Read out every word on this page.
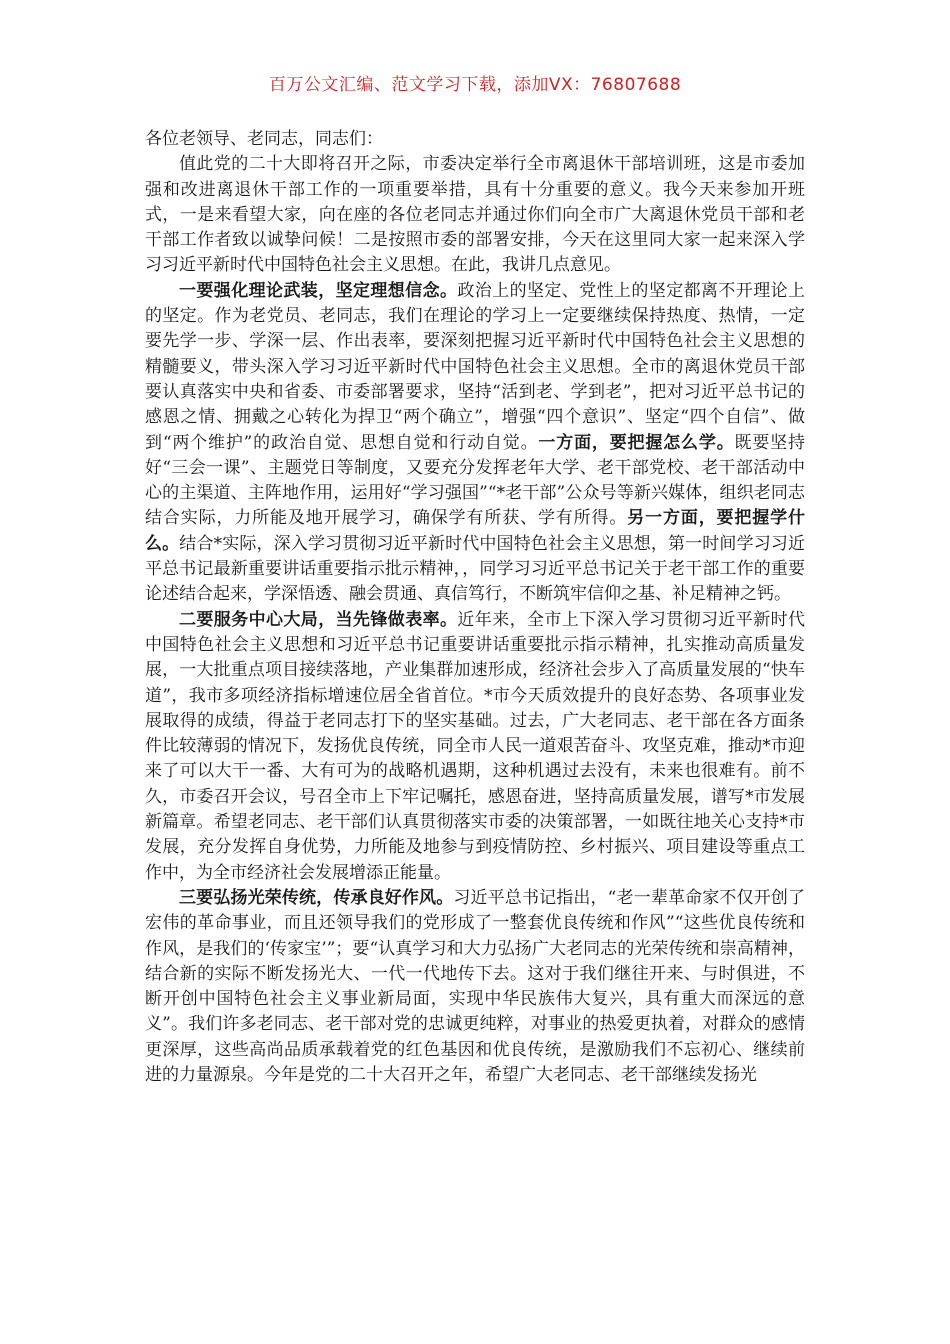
百万公文汇编、范文学习下载，添加VX：76807688

各位老领导、老同志，同志们：

值此党的二十大即将召开之际，市委决定举行全市离退休干部培训班，这是市委加强和改进离退休干部工作的一项重要举措，具有十分重要的意义。我今天来参加开班式，一是来看望大家，向在座的各位老同志并通过你们向全市广大离退休党员干部和老干部工作者致以诚挚问候！二是按照市委的部署安排，今天在这里同大家一起来深入学习习近平新时代中国特色社会主义思想。在此，我讲几点意见。

一要强化理论武装，坚定理想信念。政治上的坚定、党性上的坚定都离不开理论上的坚定。作为老党员、老同志，我们在理论的学习上一定要继续保持热度、热情，一定要先学一步、学深一层、作出表率，要深刻把握习近平新时代中国特色社会主义思想的精髓要义，带头深入学习习近平新时代中国特色社会主义思想。全市的离退休党员干部要认真落实中央和省委、市委部署要求，坚持“活到老、学到老”，把对习近平总书记的感恩之情、拥戴之心转化为捍卫“两个确立”，增强“四个意识”、坚定“四个自信”、做到“两个维护”的政治自觉、思想自觉和行动自觉。一方面，要把握怎么学。既要坚持好“三会一课”、主题党日等制度，又要充分发挥老年大学、老干部党校、老干部活动中心的主渠道、主阵地作用，运用好“学习强国”“*老干部”公众号等新兴媒体，组织老同志结合实际，力所能及地开展学习，确保学有所获、学有所得。另一方面，要把握学什么。结合*实际，深入学习贯彻习近平新时代中国特色社会主义思想，第一时间学习习近平总书记最新重要讲话重要指示批示精神，，同学习习近平总书记关于老干部工作的重要论述结合起来，学深悟透、融会贯通、真信笃行，不断筑牢信仰之基、补足精神之钙。

二要服务中心大局，当先锋做表率。近年来，全市上下深入学习贯彻习近平新时代中国特色社会主义思想和习近平总书记重要讲话重要批示指示精神，扎实推动高质量发展，一大批重点项目接续落地，产业集群加速形成，经济社会步入了高质量发展的“快车道”，我市多项经济指标增速位居全省首位。*市今天质效提升的良好态势、各项事业发展取得的成绩，得益于老同志打下的坚实基础。过去，广大老同志、老干部在各方面条件比较薄弱的情况下，发扬优良传统，同全市人民一道艰苦奋斗、攻坚克难，推动*市迎来了可以大干一番、大有可为的战略机遇期，这种机遇过去没有，未来也很难有。前不久，市委召开会议，号召全市上下牢记嘱托，感恩奋进，坚持高质量发展，谱写*市发展新篇章。希望老同志、老干部们认真贯彻落实市委的决策部署，一如既往地关心支持*市发展，充分发挥自身优势，力所能及地参与到疫情防控、乡村振兴、项目建设等重点工作中，为全市经济社会发展增添正能量。

三要弘扬光荣传统，传承良好作风。习近平总书记指出，“老一辈革命家不仅开创了宏伟的革命事业，而且还领导我们的党形成了一整套优良传统和作风”“这些优良传统和作风，是我们的‘传家宝’”；要“认真学习和大力弘扬广大老同志的光荣传统和崇高精神，结合新的实际不断发扬光大、一代一代地传下去。这对于我们继往开来、与时俱进，不断开创中国特色社会主义事业新局面，实现中华民族伟大复兴，具有重大而深远的意义”。我们许多老同志、老干部对党的忠诚更纯粹，对事业的热爱更执着，对群众的感情更深厚，这些高尚品质承载着党的红色基因和优良传统，是激励我们不忘初心、继续前进的力量源泉。今年是党的二十大召开之年，希望广大老同志、老干部继续发扬光
